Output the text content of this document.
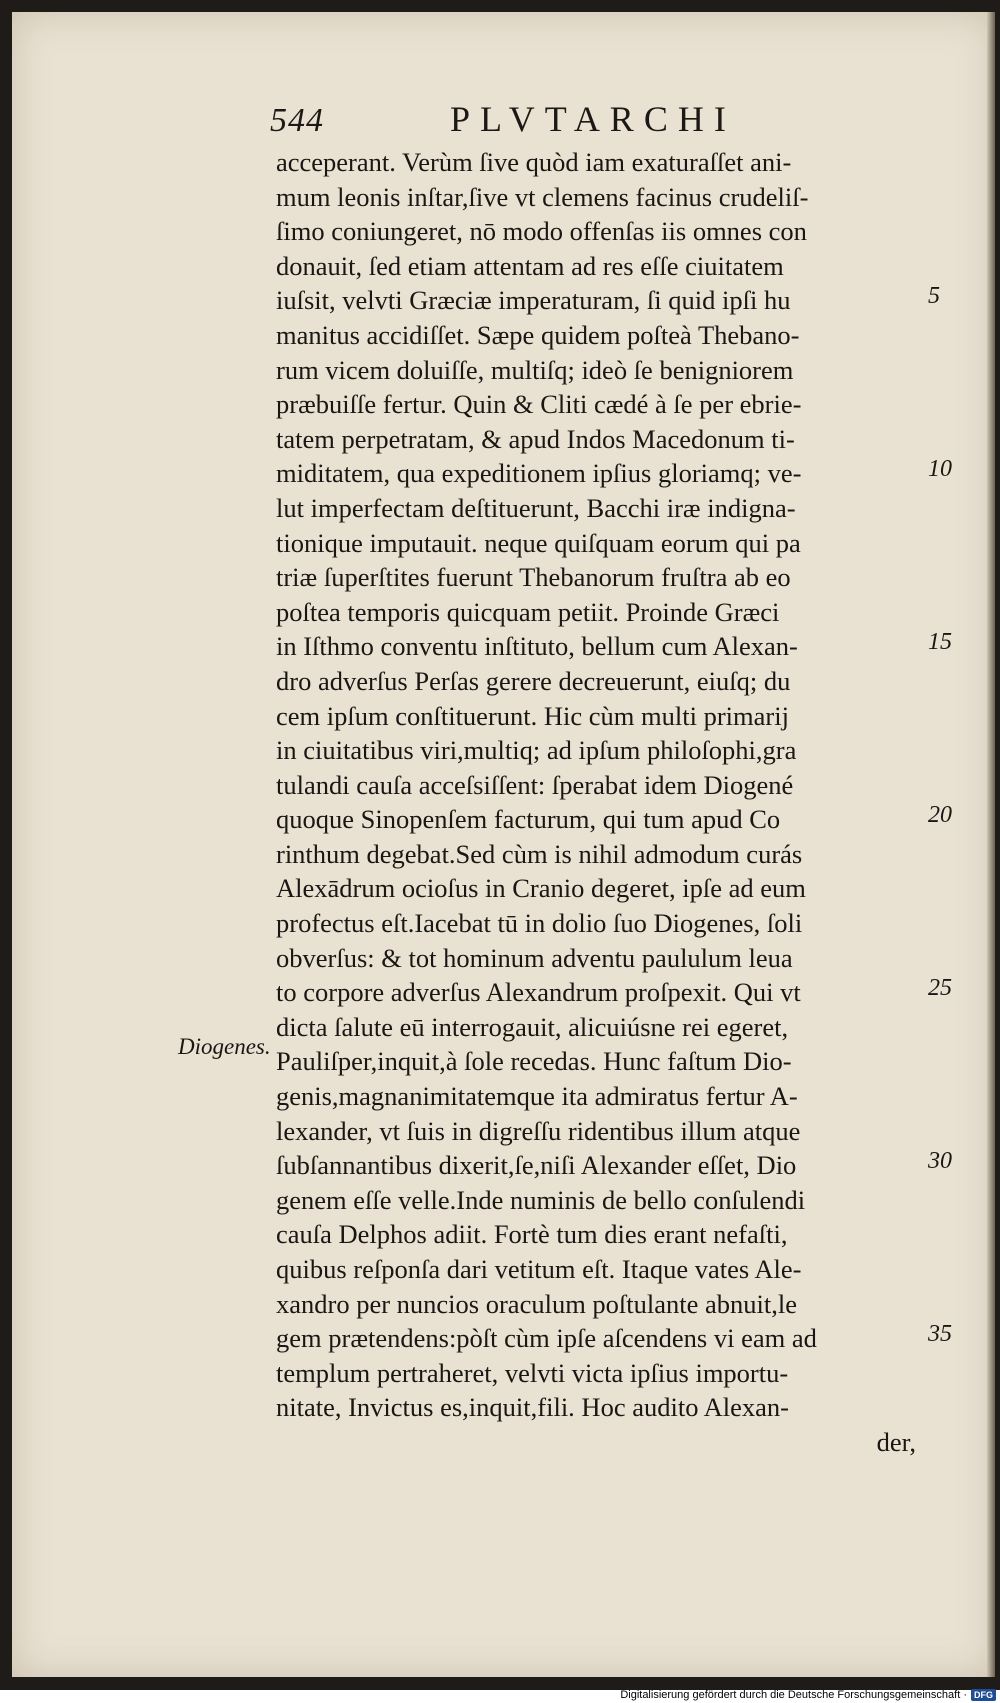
544	PLVTARCHI
acceperant. Verùm ſive quòd iam exaturaſſet ani-
mum leonis inſtar,ſive vt clemens facinus crudeliſ-
ſimo coniungeret, nō modo offenſas iis omnes con
donauit, ſed etiam attentam ad res eſſe ciuitatem
iuſsit, velvti Græciæ imperaturam, ſi quid ipſi hu
manitus accidiſſet. Sæpe quidem poſteà Thebano-
rum vicem doluiſſe, multiſq; ideò ſe benigniorem
præbuiſſe fertur. Quin & Cliti cædé à ſe per ebrie-
tatem perpetratam, & apud Indos Macedonum ti-
miditatem, qua expeditionem ipſius gloriamq; ve-
lut imperfectam deſtituerunt, Bacchi iræ indigna-
tionique imputauit. neque quiſquam eorum qui pa
triæ ſuperſtites fuerunt Thebanorum fruſtra ab eo
poſtea temporis quicquam petiit. Proinde Græci
in Iſthmo conventu inſtituto, bellum cum Alexan-
dro adverſus Perſas gerere decreuerunt, eiuſq; du
cem ipſum conſtituerunt. Hic cùm multi primarij
in ciuitatibus viri,multiq; ad ipſum philoſophi,gra
tulandi cauſa acceſsiſſent: ſperabat idem Diogené
quoque Sinopenſem facturum, qui tum apud Co
rinthum degebat.Sed cùm is nihil admodum curás
Alexādrum ocioſus in Cranio degeret, ipſe ad eum
profectus eſt.Iacebat tū in dolio ſuo Diogenes, ſoli
obverſus: & tot hominum adventu paululum leua
to corpore adverſus Alexandrum proſpexit. Qui vt
dicta ſalute eū interrogauit, alicuiúsne rei egeret,
Pauliſper,inquit,à ſole recedas. Hunc faſtum Dio-
genis,magnanimitatemque ita admiratus fertur A-
lexander, vt ſuis in digreſſu ridentibus illum atque
ſubſannantibus dixerit,ſe,niſi Alexander eſſet, Dio
genem eſſe velle.Inde numinis de bello conſulendi
cauſa Delphos adiit. Fortè tum dies erant nefaſti,
quibus reſponſa dari vetitum eſt. Itaque vates Ale-
xandro per nuncios oraculum poſtulante abnuit,le
gem prætendens:pòſt cùm ipſe aſcendens vi eam ad
templum pertraheret, velvti victa ipſius importu-
nitate, Invictus es,inquit,fili. Hoc audito Alexan-
der,
Diogenes.
5
10
15
20
25
30
35
Digitalisierung gefördert durch die Deutsche Forschungsgemeinschaft · DFG
